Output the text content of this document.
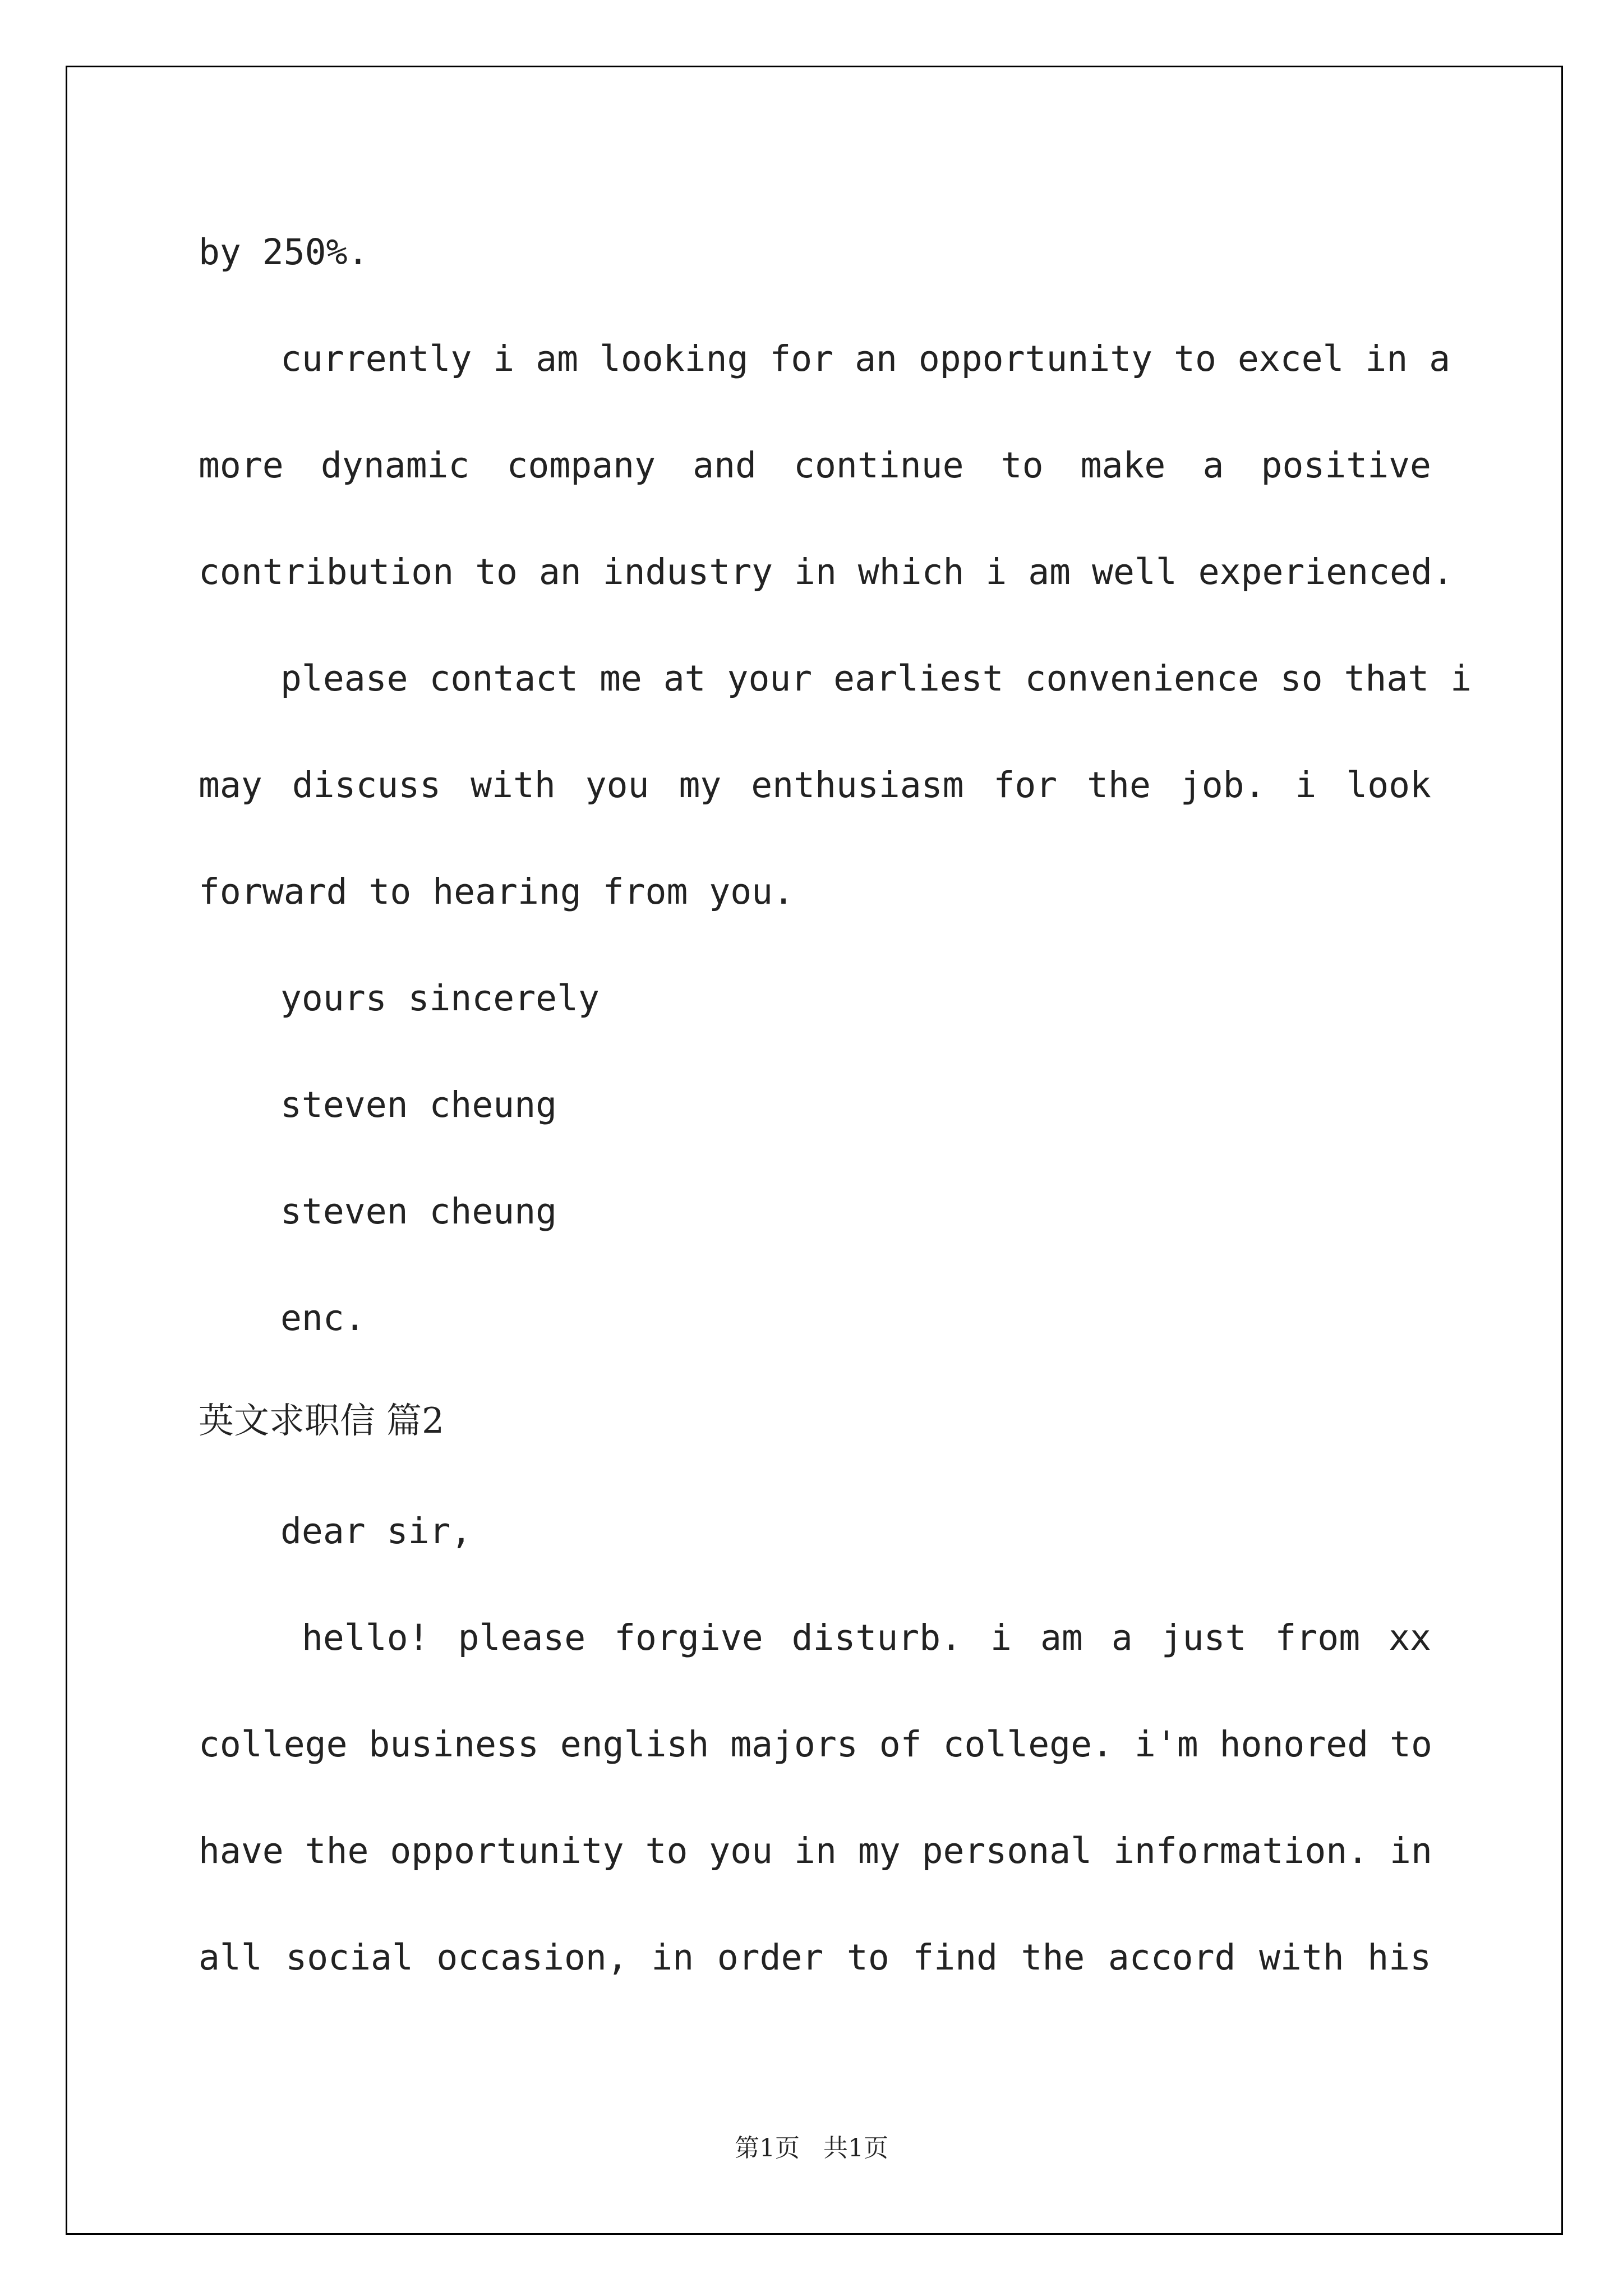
by 250%.
currently i am looking for an opportunity to excel in a
more dynamic company and continue to make a positive
contribution to an industry in which i am well experienced.
please contact me at your earliest convenience so that i
may discuss with you my enthusiasm for the job. i look
forward to hearing from you.
yours sincerely
steven cheung
steven cheung
enc.
英文求职信 篇2
dear sir,
hello! please forgive disturb. i am a just from xx
college business english majors of college. i'm honored to
have the opportunity to you in my personal information. in
all social occasion, in order to find the accord with his
第1页 共1页
